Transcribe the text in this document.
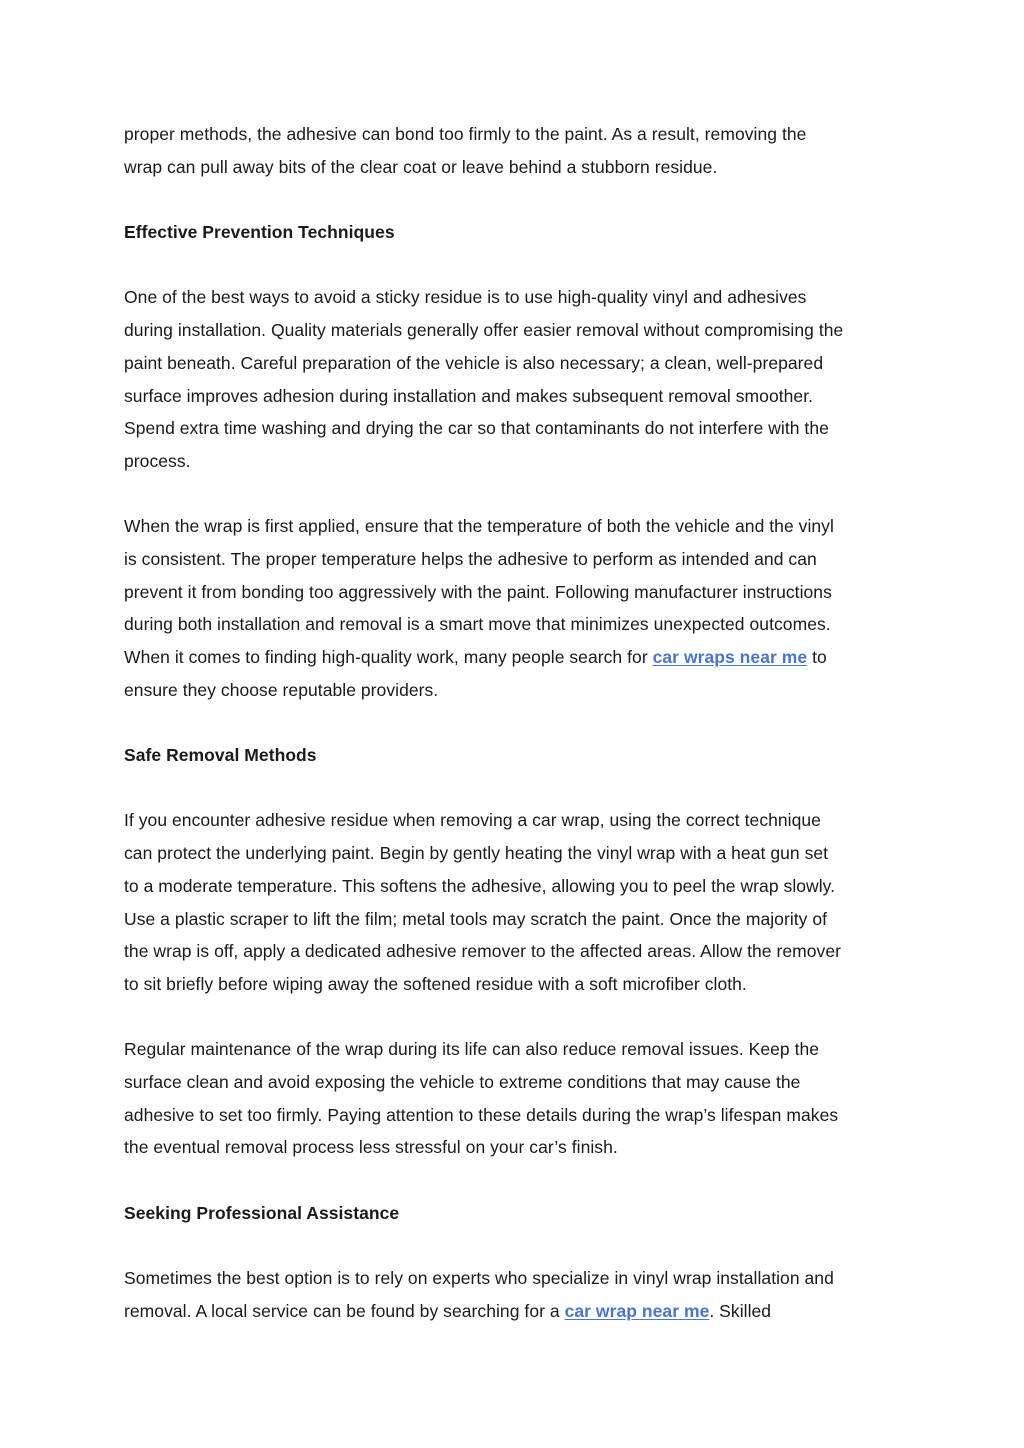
proper methods, the adhesive can bond too firmly to the paint. As a result, removing the
wrap can pull away bits of the clear coat or leave behind a stubborn residue.
Effective Prevention Techniques
One of the best ways to avoid a sticky residue is to use high-quality vinyl and adhesives
during installation. Quality materials generally offer easier removal without compromising the
paint beneath. Careful preparation of the vehicle is also necessary; a clean, well-prepared
surface improves adhesion during installation and makes subsequent removal smoother.
Spend extra time washing and drying the car so that contaminants do not interfere with the
process.
When the wrap is first applied, ensure that the temperature of both the vehicle and the vinyl
is consistent. The proper temperature helps the adhesive to perform as intended and can
prevent it from bonding too aggressively with the paint. Following manufacturer instructions
during both installation and removal is a smart move that minimizes unexpected outcomes.
When it comes to finding high-quality work, many people search for car wraps near me to
ensure they choose reputable providers.
Safe Removal Methods
If you encounter adhesive residue when removing a car wrap, using the correct technique
can protect the underlying paint. Begin by gently heating the vinyl wrap with a heat gun set
to a moderate temperature. This softens the adhesive, allowing you to peel the wrap slowly.
Use a plastic scraper to lift the film; metal tools may scratch the paint. Once the majority of
the wrap is off, apply a dedicated adhesive remover to the affected areas. Allow the remover
to sit briefly before wiping away the softened residue with a soft microfiber cloth.
Regular maintenance of the wrap during its life can also reduce removal issues. Keep the
surface clean and avoid exposing the vehicle to extreme conditions that may cause the
adhesive to set too firmly. Paying attention to these details during the wrap’s lifespan makes
the eventual removal process less stressful on your car’s finish.
Seeking Professional Assistance
Sometimes the best option is to rely on experts who specialize in vinyl wrap installation and
removal. A local service can be found by searching for a car wrap near me. Skilled
